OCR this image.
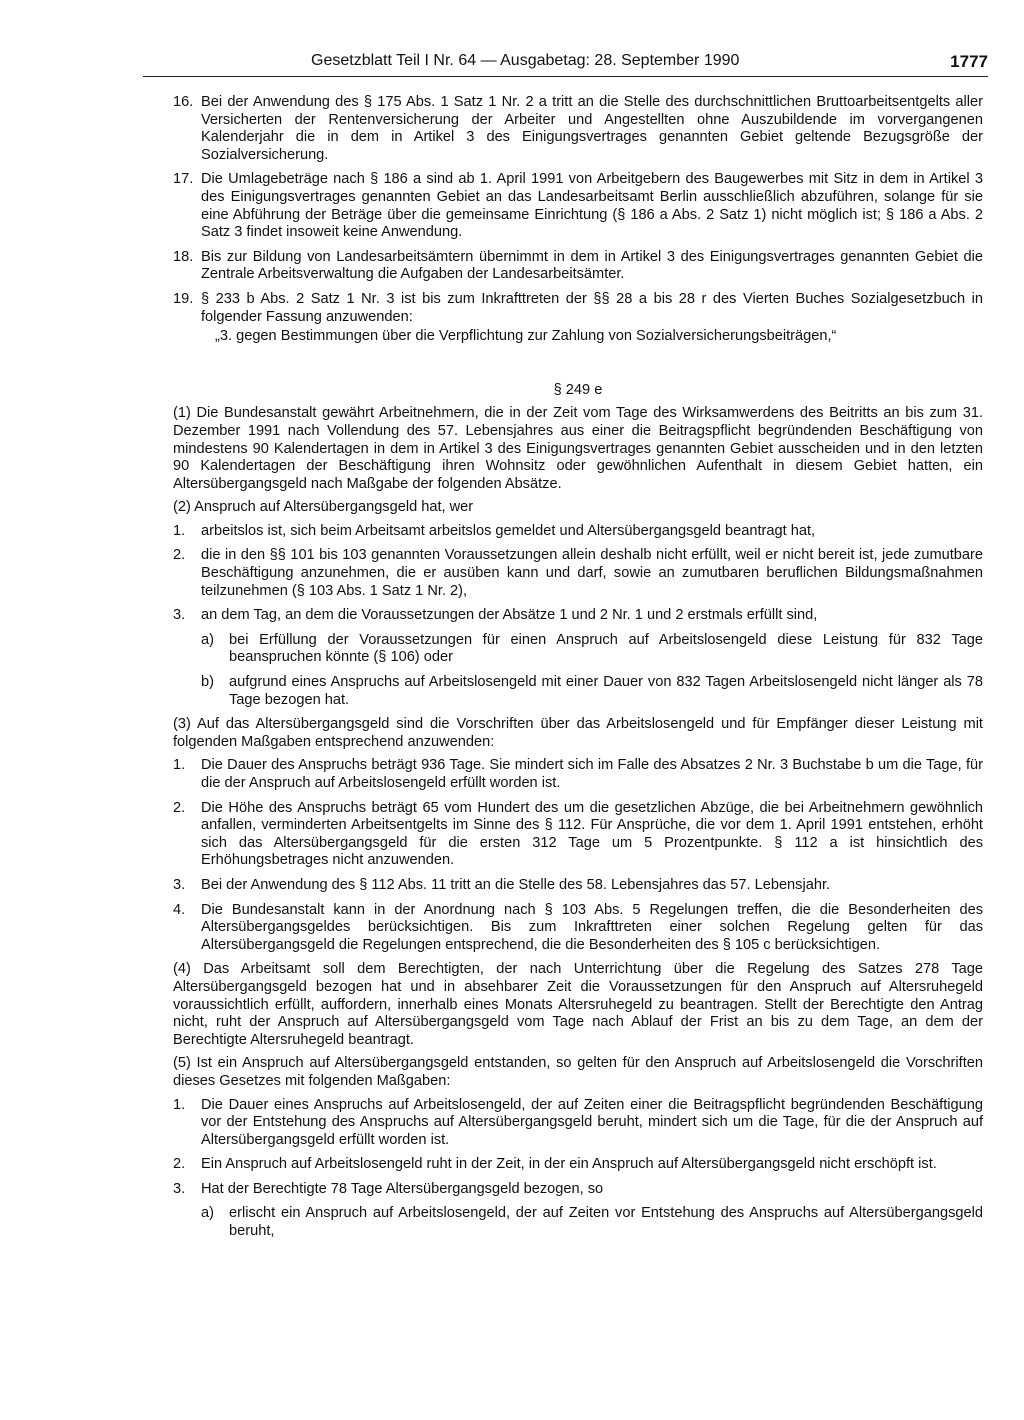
Gesetzblatt Teil I Nr. 64 — Ausgabetag: 28. September 1990	1777
16. Bei der Anwendung des § 175 Abs. 1 Satz 1 Nr. 2 a tritt an die Stelle des durchschnittlichen Bruttoarbeitsentgelts aller Versicherten der Rentenversicherung der Arbeiter und Angestellten ohne Auszubildende im vorvergangenen Kalenderjahr die in dem in Artikel 3 des Einigungsvertrages genannten Gebiet geltende Bezugsgröße der Sozialversicherung.
17. Die Umlagebeträge nach § 186 a sind ab 1. April 1991 von Arbeitgebern des Baugewerbes mit Sitz in dem in Artikel 3 des Einigungsvertrages genannten Gebiet an das Landesarbeitsamt Berlin ausschließlich abzuführen, solange für sie eine Abführung der Beträge über die gemeinsame Einrichtung (§ 186 a Abs. 2 Satz 1) nicht möglich ist; § 186 a Abs. 2 Satz 3 findet insoweit keine Anwendung.
18. Bis zur Bildung von Landesarbeitsämtern übernimmt in dem in Artikel 3 des Einigungsvertrages genannten Gebiet die Zentrale Arbeitsverwaltung die Aufgaben der Landesarbeitsämter.
19. § 233 b Abs. 2 Satz 1 Nr. 3 ist bis zum Inkrafttreten der §§ 28 a bis 28 r des Vierten Buches Sozialgesetzbuch in folgender Fassung anzuwenden:
„3. gegen Bestimmungen über die Verpflichtung zur Zahlung von Sozialversicherungsbeiträgen,“
§ 249 e
(1) Die Bundesanstalt gewährt Arbeitnehmern, die in der Zeit vom Tage des Wirksamwerdens des Beitritts an bis zum 31. Dezember 1991 nach Vollendung des 57. Lebensjahres aus einer die Beitragspflicht begründenden Beschäftigung von mindestens 90 Kalendertagen in dem in Artikel 3 des Einigungsvertrages genannten Gebiet ausscheiden und in den letzten 90 Kalendertagen der Beschäftigung ihren Wohnsitz oder gewöhnlichen Aufenthalt in diesem Gebiet hatten, ein Altersübergangsgeld nach Maßgabe der folgenden Absätze.
(2) Anspruch auf Altersübergangsgeld hat, wer
1. arbeitslos ist, sich beim Arbeitsamt arbeitslos gemeldet und Altersübergangsgeld beantragt hat,
2. die in den §§ 101 bis 103 genannten Voraussetzungen allein deshalb nicht erfüllt, weil er nicht bereit ist, jede zumutbare Beschäftigung anzunehmen, die er ausüben kann und darf, sowie an zumutbaren beruflichen Bildungsmaßnahmen teilzunehmen (§ 103 Abs. 1 Satz 1 Nr. 2),
3. an dem Tag, an dem die Voraussetzungen der Absätze 1 und 2 Nr. 1 und 2 erstmals erfüllt sind,
a) bei Erfüllung der Voraussetzungen für einen Anspruch auf Arbeitslosengeld diese Leistung für 832 Tage beanspruchen könnte (§ 106) oder
b) aufgrund eines Anspruchs auf Arbeitslosengeld mit einer Dauer von 832 Tagen Arbeitslosengeld nicht länger als 78 Tage bezogen hat.
(3) Auf das Altersübergangsgeld sind die Vorschriften über das Arbeitslosengeld und für Empfänger dieser Leistung mit folgenden Maßgaben entsprechend anzuwenden:
1. Die Dauer des Anspruchs beträgt 936 Tage. Sie mindert sich im Falle des Absatzes 2 Nr. 3 Buchstabe b um die Tage, für die der Anspruch auf Arbeitslosengeld erfüllt worden ist.
2. Die Höhe des Anspruchs beträgt 65 vom Hundert des um die gesetzlichen Abzüge, die bei Arbeitnehmern gewöhnlich anfallen, verminderten Arbeitsentgelts im Sinne des § 112. Für Ansprüche, die vor dem 1. April 1991 entstehen, erhöht sich das Altersübergangsgeld für die ersten 312 Tage um 5 Prozentpunkte. § 112 a ist hinsichtlich des Erhöhungsbetrages nicht anzuwenden.
3. Bei der Anwendung des § 112 Abs. 11 tritt an die Stelle des 58. Lebensjahres das 57. Lebensjahr.
4. Die Bundesanstalt kann in der Anordnung nach § 103 Abs. 5 Regelungen treffen, die die Besonderheiten des Altersübergangsgeldes berücksichtigen. Bis zum Inkrafttreten einer solchen Regelung gelten für das Altersübergangsgeld die Regelungen entsprechend, die die Besonderheiten des § 105 c berücksichtigen.
(4) Das Arbeitsamt soll dem Berechtigten, der nach Unterrichtung über die Regelung des Satzes 278 Tage Altersübergangsgeld bezogen hat und in absehbarer Zeit die Voraussetzungen für den Anspruch auf Altersruhegeld voraussichtlich erfüllt, auffordern, innerhalb eines Monats Altersruhegeld zu beantragen. Stellt der Berechtigte den Antrag nicht, ruht der Anspruch auf Altersübergangsgeld vom Tage nach Ablauf der Frist an bis zu dem Tage, an dem der Berechtigte Altersruhegeld beantragt.
(5) Ist ein Anspruch auf Altersübergangsgeld entstanden, so gelten für den Anspruch auf Arbeitslosengeld die Vorschriften dieses Gesetzes mit folgenden Maßgaben:
1. Die Dauer eines Anspruchs auf Arbeitslosengeld, der auf Zeiten einer die Beitragspflicht begründenden Beschäftigung vor der Entstehung des Anspruchs auf Altersübergangsgeld beruht, mindert sich um die Tage, für die der Anspruch auf Altersübergangsgeld erfüllt worden ist.
2. Ein Anspruch auf Arbeitslosengeld ruht in der Zeit, in der ein Anspruch auf Altersübergangsgeld nicht erschöpft ist.
3. Hat der Berechtigte 78 Tage Altersübergangsgeld bezogen, so
a) erlischt ein Anspruch auf Arbeitslosengeld, der auf Zeiten vor Entstehung des Anspruchs auf Altersübergangsgeld beruht,
